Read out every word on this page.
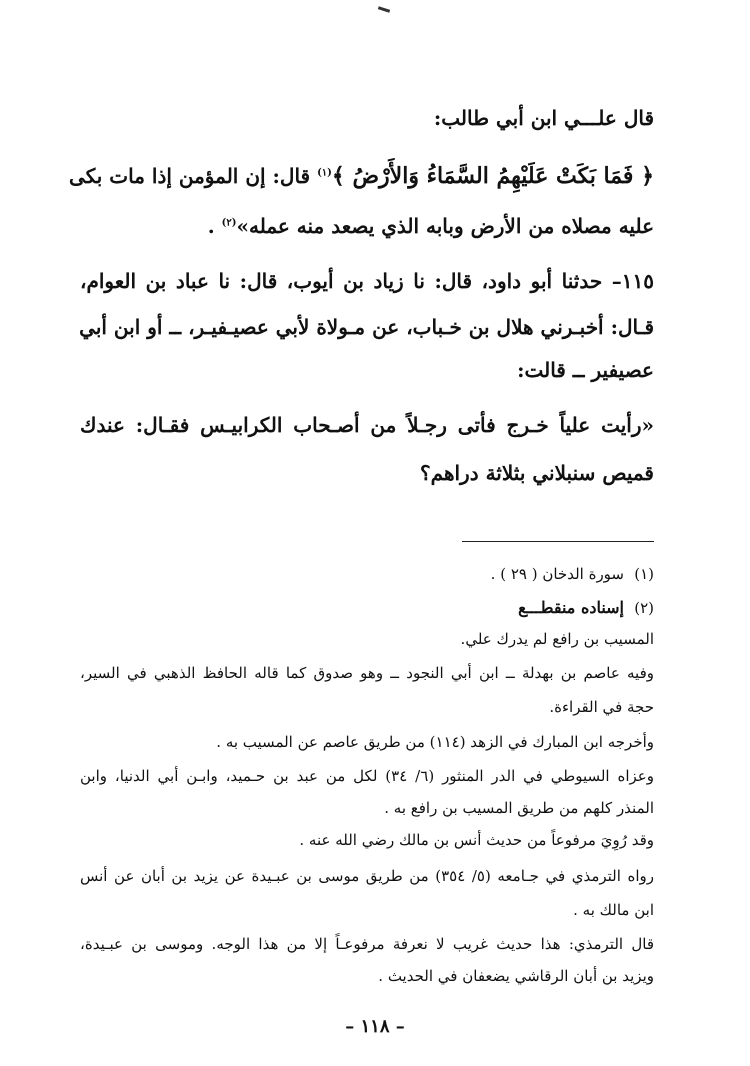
قال علـــي ابن أبي طالب:
﴿ فَمَا بَكَتْ عَلَيْهِمُ السَّمَاءُ وَالأَرْضُ ﴾$^{(١)}$ قال: إن المؤمن إذا مات بكى
عليه مصلاه من الأرض وبابه الذي يصعد منه عمله»$^{(٢)}$ .
١١٥– حدثنا أبو داود، قال: نا زياد بن أيوب، قال: نا عباد بن العوام،
قـال: أخبـرني هلال بن خـباب، عن مـولاة لأبي عصيـفيـر، ــ أو ابن أبي
عصيفير ــ قالت:
«رأيت علياً خـرج فأتى رجـلاً من أصـحاب الكرابيـس فقـال: عندك
قميص سنبلاني بثلاثة دراهم؟
(١)سورة الدخان ( ٢٩ ) .
(٢)إسناده منقطـــع
المسيب بن رافع لم يدرك علي.
وفيه عاصم بن بهدلة ــ ابن أبي النجود ــ وهو صدوق كما قاله الحافظ الذهبي في السير،
حجة في القراءة.
وأخرجه ابن المبارك في الزهد (١١٤) من طريق عاصم عن المسيب به .
وعزاه السيوطي في الدر المنثور (٦/ ٣٤) لكل من عبد بن حـميد، وابـن أبي الدنيا، وابن
المنذر كلهم من طريق المسيب بن رافع به .
وقد رُوِيَ مرفوعاً من حديث أنس بن مالك رضي الله عنه .
رواه الترمذي في جـامعه (٥/ ٣٥٤) من طريق موسى بن عبـيدة عن يزيد بن أبان عن أنس
ابن مالك به .
قال الترمذي: هذا حديث غريب لا نعرفة مرفوعـاً إلا من هذا الوجه. وموسى بن عبـيدة،
ويزيد بن أبان الرقاشي يضعفان في الحديث .
– ١١٨ –
